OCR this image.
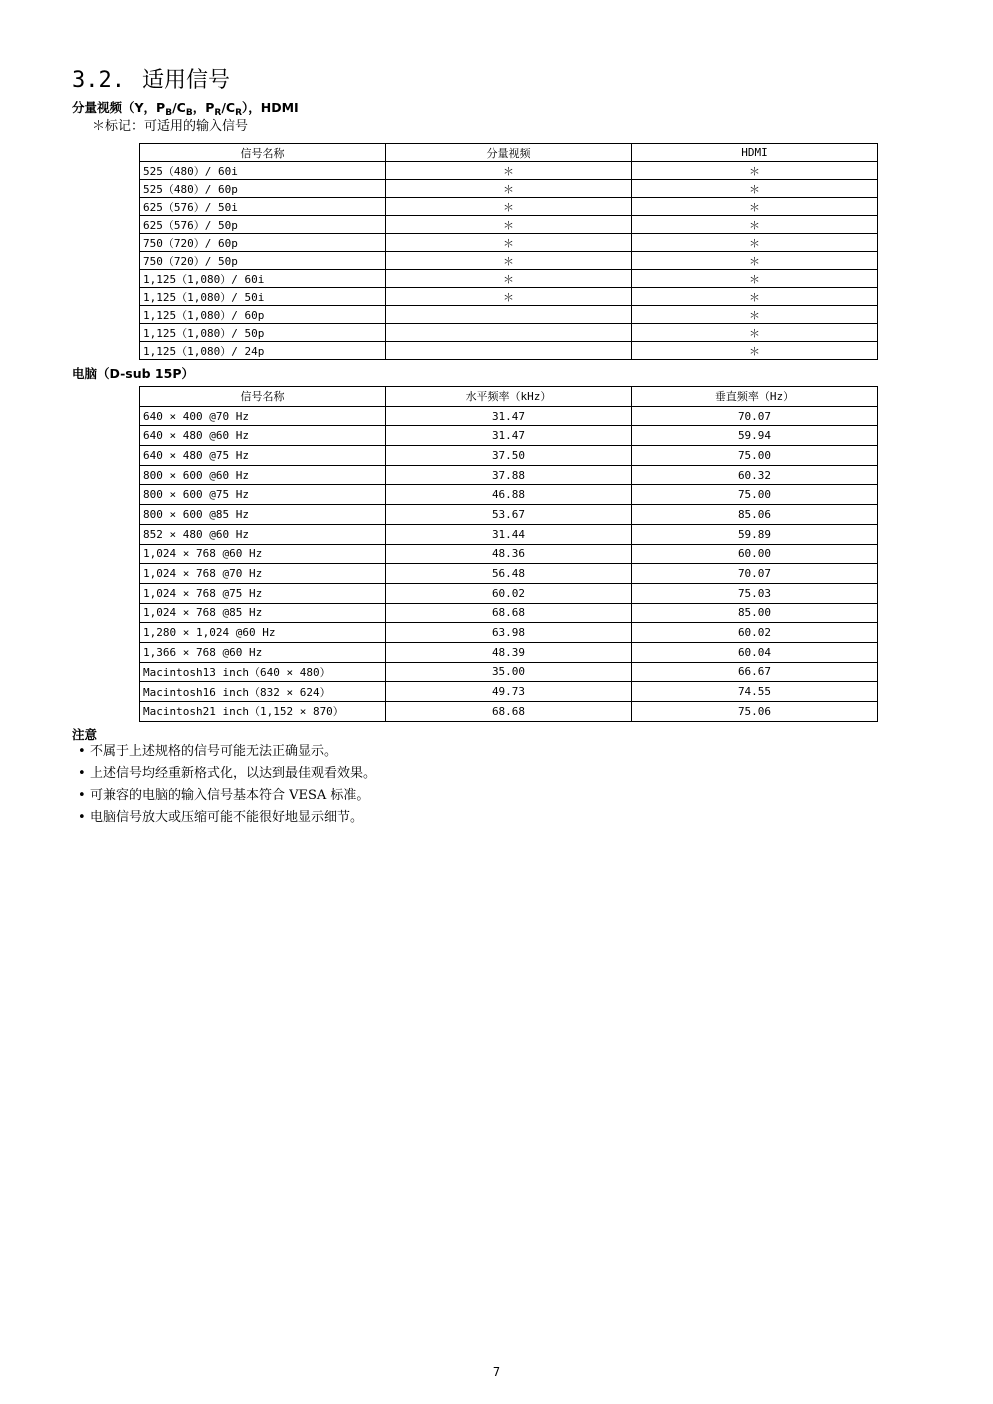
3.2. 适用信号
分量视频（Y，$P_B/C_B$，$P_R/C_R$），HDMI

＊标记：可适用的输入信号

信号名称	分量视频	HDMI
525（480）/ 60i	＊	＊
525（480）/ 60p	＊	＊
625（576）/ 50i	＊	＊
625（576）/ 50p	＊	＊
750（720）/ 60p	＊	＊
750（720）/ 50p	＊	＊
1,125（1,080）/ 60i	＊	＊
1,125（1,080）/ 50i	＊	＊
1,125（1,080）/ 60p		＊
1,125（1,080）/ 50p		＊
1,125（1,080）/ 24p		＊
电脑（D-sub 15P）
信号名称	水平频率（kHz）	垂直频率（Hz）
640 × 400 @70 Hz	31.47	70.07
640 × 480 @60 Hz	31.47	59.94
640 × 480 @75 Hz	37.50	75.00
800 × 600 @60 Hz	37.88	60.32
800 × 600 @75 Hz	46.88	75.00
800 × 600 @85 Hz	53.67	85.06
852 × 480 @60 Hz	31.44	59.89
1,024 × 768 @60 Hz	48.36	60.00
1,024 × 768 @70 Hz	56.48	70.07
1,024 × 768 @75 Hz	60.02	75.03
1,024 × 768 @85 Hz	68.68	85.00
1,280 × 1,024 @60 Hz	63.98	60.02
1,366 × 768 @60 Hz	48.39	60.04
Macintosh13 inch（640 × 480）	35.00	66.67
Macintosh16 inch（832 × 624）	49.73	74.55
Macintosh21 inch（1,152 × 870）	68.68	75.06
注意
• 不属于上述规格的信号可能无法正确显示。
• 上述信号均经重新格式化，以达到最佳观看效果。
• 可兼容的电脑的输入信号基本符合 VESA 标准。
• 电脑信号放大或压缩可能不能很好地显示细节。
7
